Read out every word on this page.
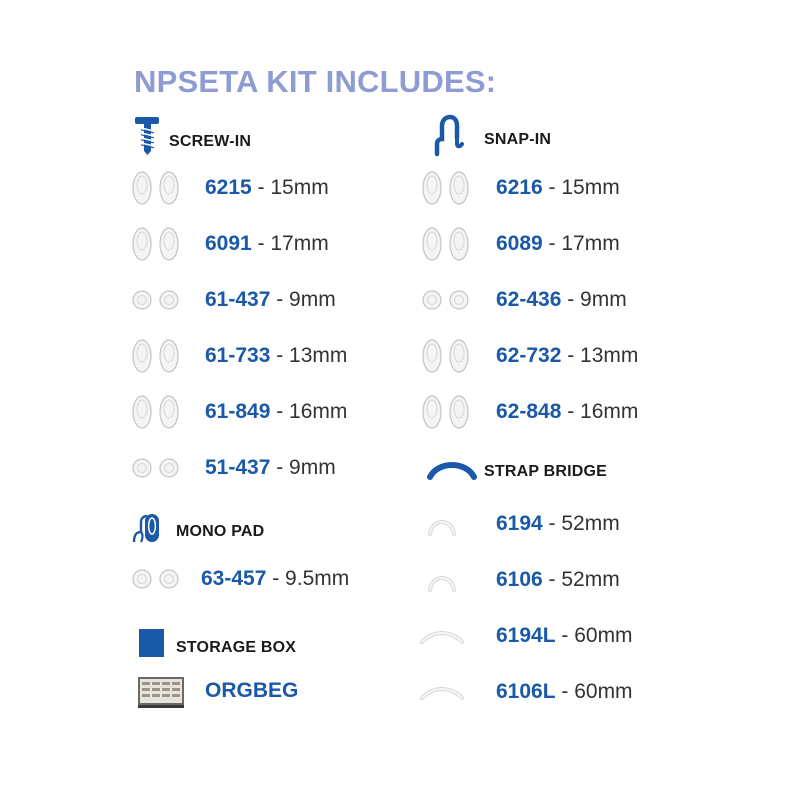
NPSETA KIT INCLUDES:
SCREW-IN
6215 - 15mm
6091 - 17mm
61-437 - 9mm
61-733 - 13mm
61-849 - 16mm
51-437 - 9mm
MONO PAD
63-457 - 9.5mm
STORAGE BOX
ORGBEG
SNAP-IN
6216 - 15mm
6089 - 17mm
62-436 - 9mm
62-732 - 13mm
62-848 - 16mm
STRAP BRIDGE
6194 - 52mm
6106 - 52mm
6194L - 60mm
6106L - 60mm
